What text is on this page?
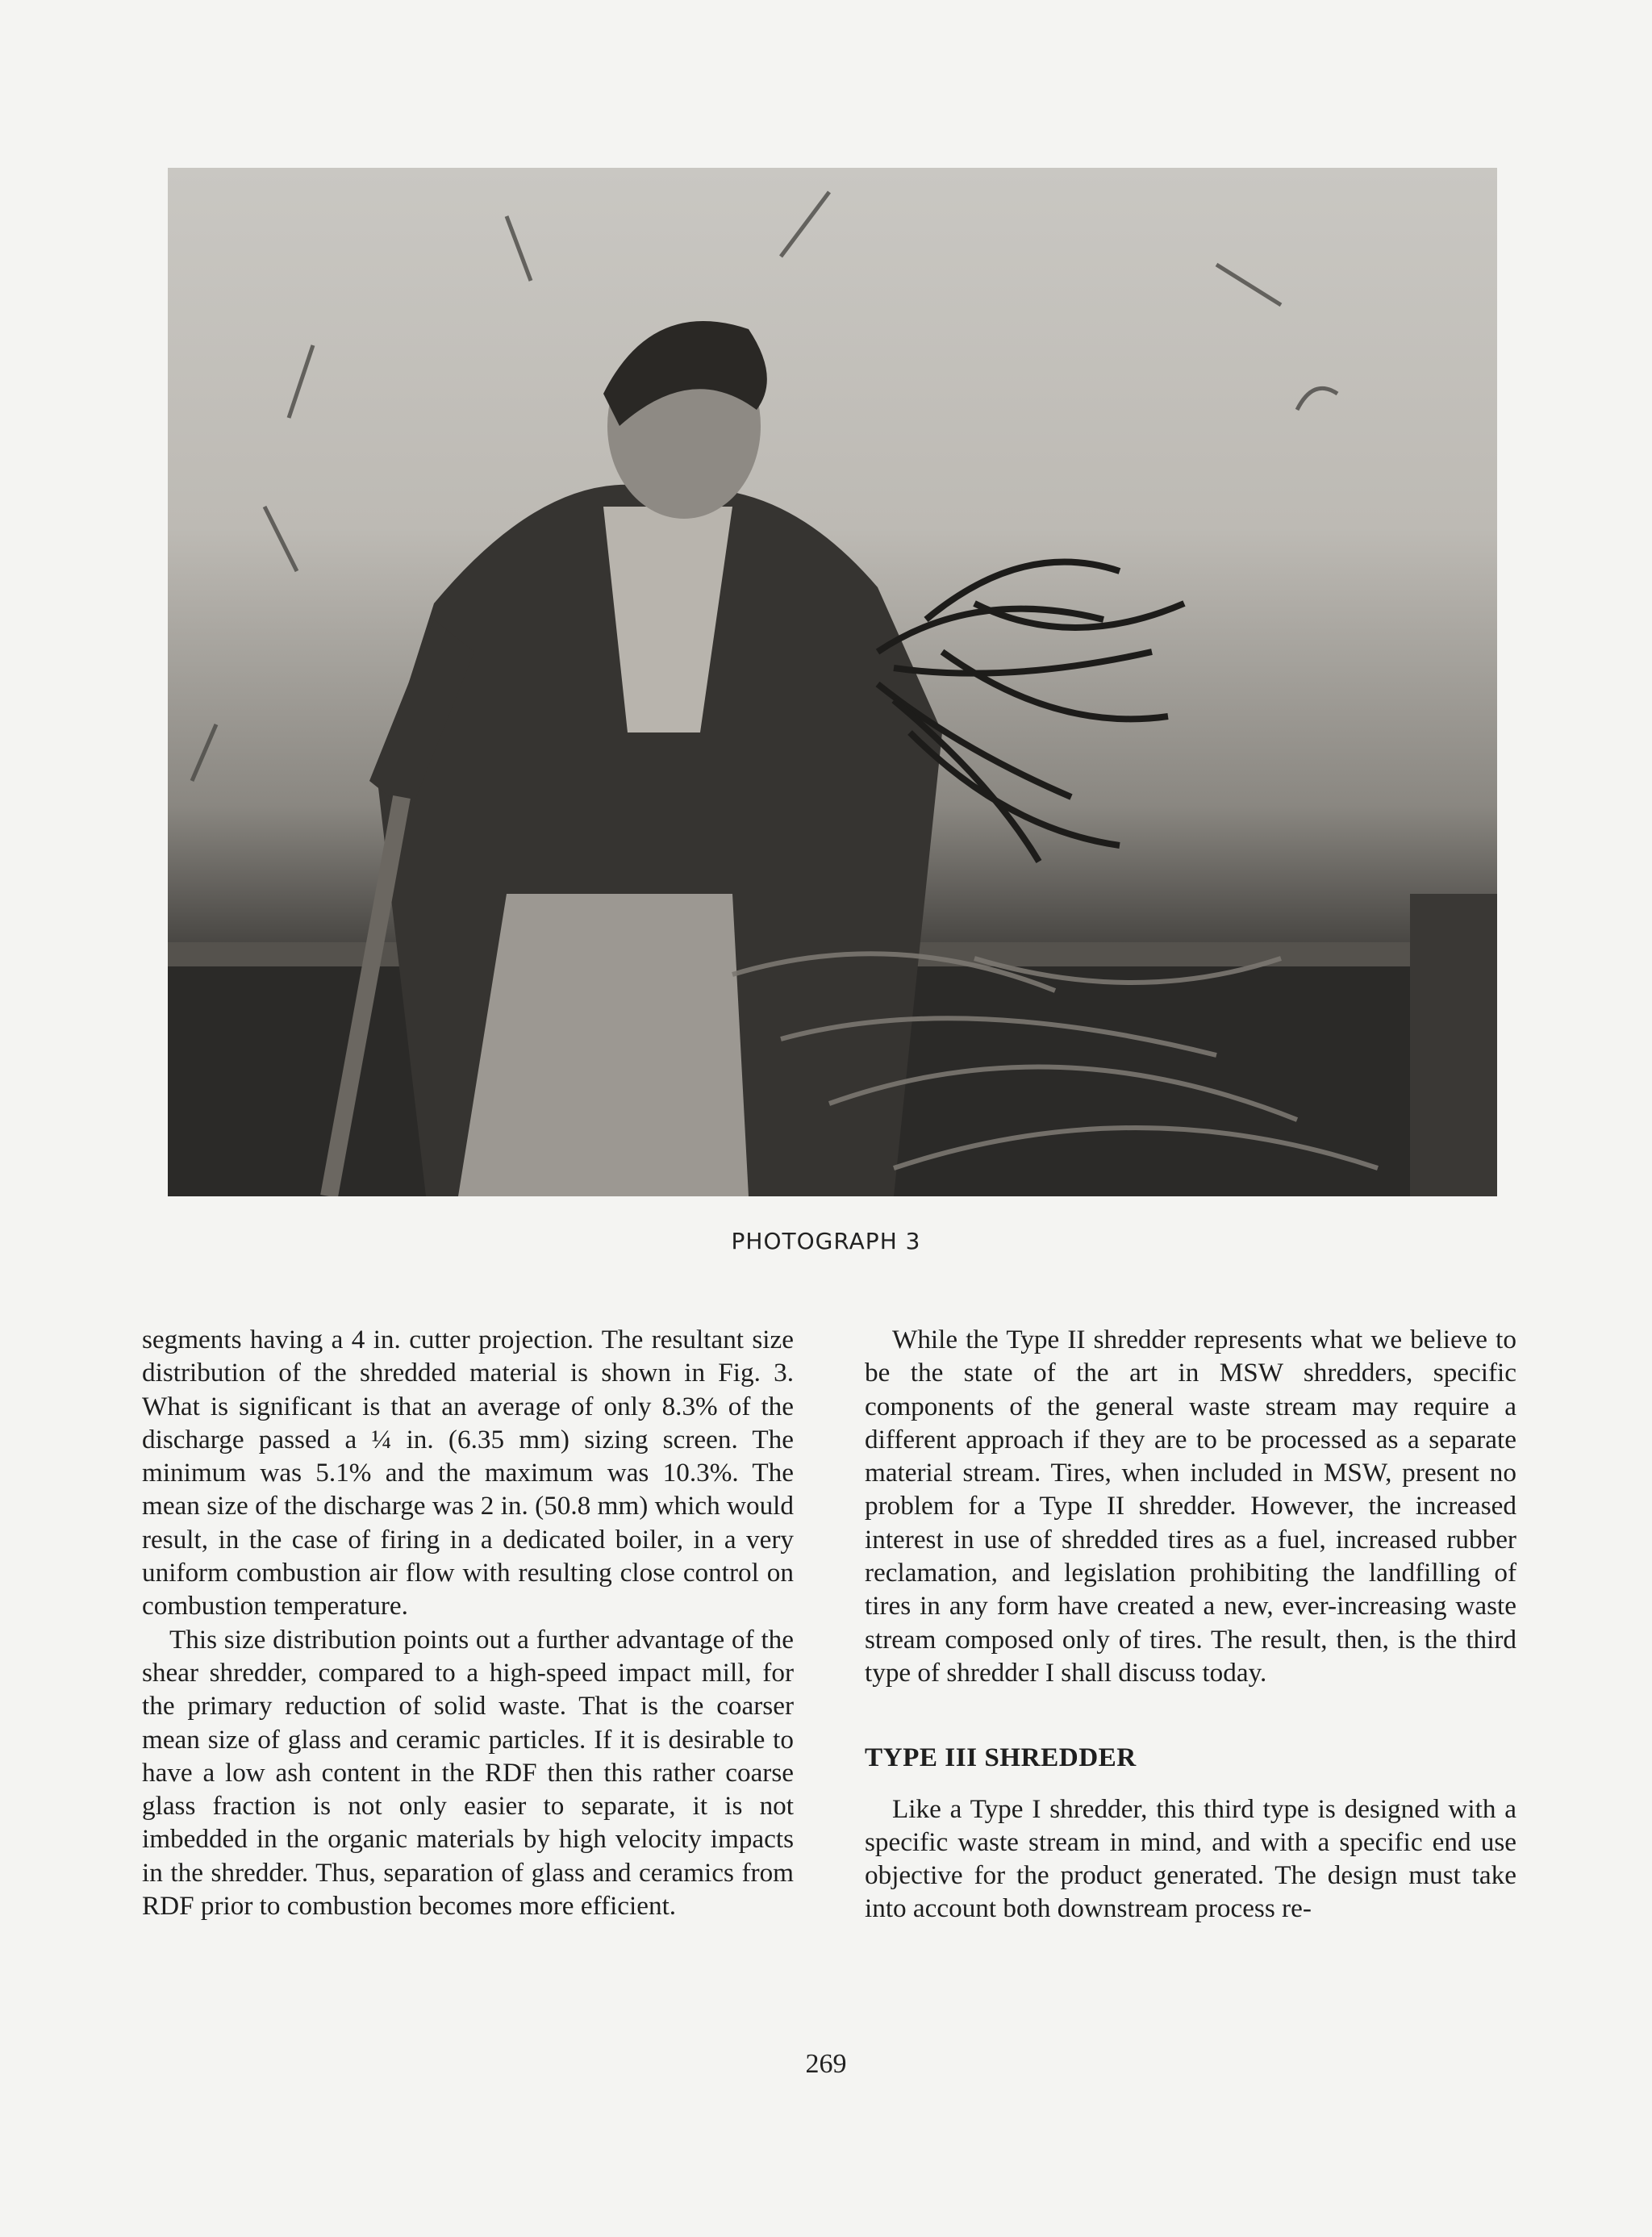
PHOTOGRAPH 3

segments having a 4 in. cutter projection. The resultant size distribution of the shredded material is shown in Fig. 3. What is significant is that an average of only 8.3% of the discharge passed a ¼ in. (6.35 mm) sizing screen. The minimum was 5.1% and the maximum was 10.3%. The mean size of the discharge was 2 in. (50.8 mm) which would result, in the case of firing in a dedicated boiler, in a very uniform combustion air flow with resulting close control on combustion temperature.

This size distribution points out a further advantage of the shear shredder, compared to a high-speed impact mill, for the primary reduction of solid waste. That is the coarser mean size of glass and ceramic particles. If it is desirable to have a low ash content in the RDF then this rather coarse glass fraction is not only easier to separate, it is not imbedded in the organic materials by high velocity impacts in the shredder. Thus, separation of glass and ceramics from RDF prior to combustion becomes more efficient.

While the Type II shredder represents what we believe to be the state of the art in MSW shredders, specific components of the general waste stream may require a different approach if they are to be processed as a separate material stream. Tires, when included in MSW, present no problem for a Type II shredder. However, the increased interest in use of shredded tires as a fuel, increased rubber reclamation, and legislation prohibiting the landfilling of tires in any form have created a new, ever-increasing waste stream composed only of tires. The result, then, is the third type of shredder I shall discuss today.

TYPE III SHREDDER

Like a Type I shredder, this third type is designed with a specific waste stream in mind, and with a specific end use objective for the product generated. The design must take into account both downstream process re-

269
